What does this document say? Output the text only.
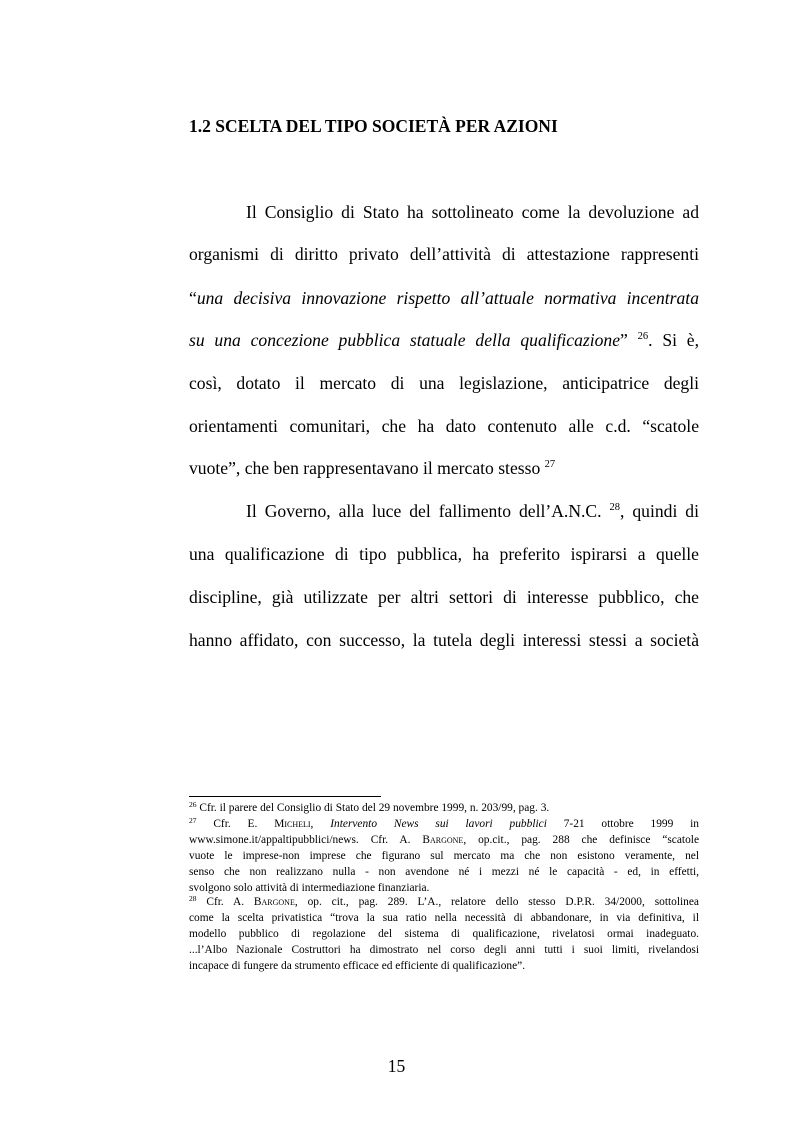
1.2 SCELTA DEL TIPO SOCIETÀ PER AZIONI
Il Consiglio di Stato ha sottolineato come la devoluzione ad
organismi di diritto privato dell’attività di attestazione rappresenti
“una decisiva innovazione rispetto all’attuale normativa incentrata
su una concezione pubblica statuale della qualificazione” $^{26}$. Si è,
così, dotato il mercato di una legislazione, anticipatrice degli
orientamenti comunitari, che ha dato contenuto alle c.d. “scatole
vuote”, che ben rappresentavano il mercato stesso $^{27}$
Il Governo, alla luce del fallimento dell’A.N.C. $^{28}$, quindi di
una qualificazione di tipo pubblica, ha preferito ispirarsi a quelle
discipline, già utilizzate per altri settori di interesse pubblico, che
hanno affidato, con successo, la tutela degli interessi stessi a società
$^{26}$ Cfr. il parere del Consiglio di Stato del 29 novembre 1999, n. 203/99, pag. 3.
$^{27}$ Cfr. E. Micheli, Intervento News sui lavori pubblici 7-21 ottobre 1999 in
www.simone.it/appaltipubblici/news. Cfr. A. Bargone, op.cit., pag. 288 che definisce “scatole
vuote le imprese-non imprese che figurano sul mercato ma che non esistono veramente, nel
senso che non realizzano nulla - non avendone né i mezzi né le capacità - ed, in effetti,
svolgono solo attività di intermediazione finanziaria.
$^{28}$ Cfr. A. Bargone, op. cit., pag. 289. L’A., relatore dello stesso D.P.R. 34/2000, sottolinea
come la scelta privatistica “trova la sua ratio nella necessità di abbandonare, in via definitiva, il
modello pubblico di regolazione del sistema di qualificazione, rivelatosi ormai inadeguato.
...l’Albo Nazionale Costruttori ha dimostrato nel corso degli anni tutti i suoi limiti, rivelandosi
incapace di fungere da strumento efficace ed efficiente di qualificazione”.
15
